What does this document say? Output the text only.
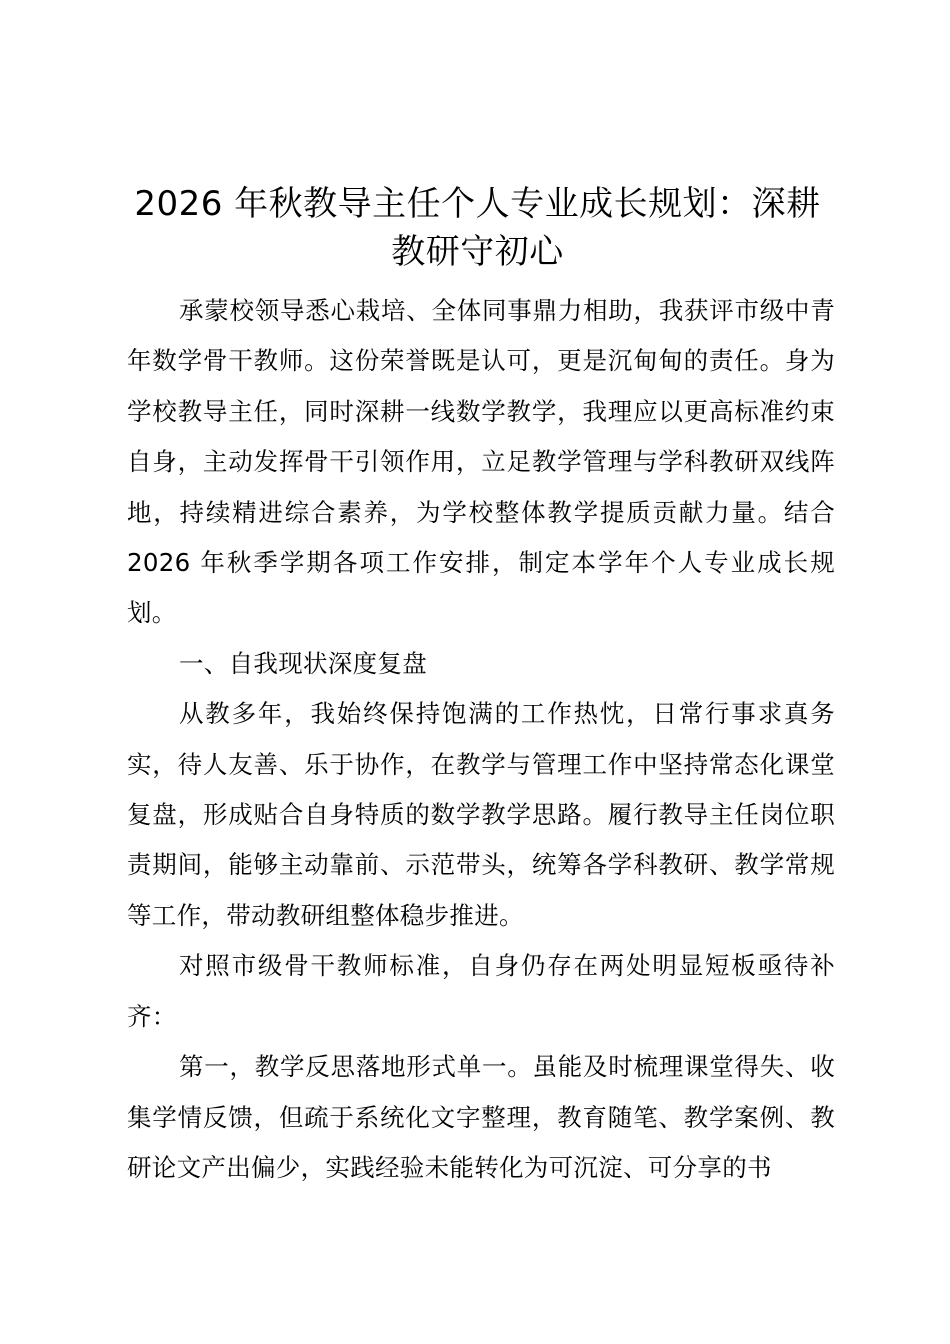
2026 年秋教导主任个人专业成长规划：深耕教研守初心

承蒙校领导悉心栽培、全体同事鼎力相助，我获评市级中青年数学骨干教师。这份荣誉既是认可，更是沉甸甸的责任。身为学校教导主任，同时深耕一线数学教学，我理应以更高标准约束自身，主动发挥骨干引领作用，立足教学管理与学科教研双线阵地，持续精进综合素养，为学校整体教学提质贡献力量。结合 2026 年秋季学期各项工作安排，制定本学年个人专业成长规划。

一、自我现状深度复盘

从教多年，我始终保持饱满的工作热忱，日常行事求真务实，待人友善、乐于协作，在教学与管理工作中坚持常态化课堂复盘，形成贴合自身特质的数学教学思路。履行教导主任岗位职责期间，能够主动靠前、示范带头，统筹各学科教研、教学常规等工作，带动教研组整体稳步推进。

对照市级骨干教师标准，自身仍存在两处明显短板亟待补齐：

第一，教学反思落地形式单一。虽能及时梳理课堂得失、收集学情反馈，但疏于系统化文字整理，教育随笔、教学案例、教研论文产出偏少，实践经验未能转化为可沉淀、可分享的书
